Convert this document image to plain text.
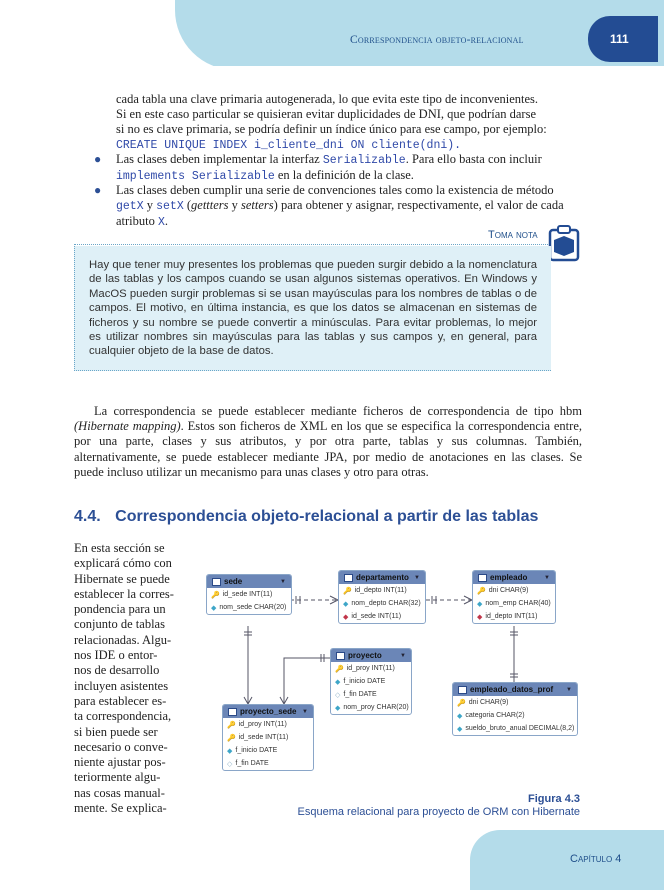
Correspondencia objeto-relacional	111
cada tabla una clave primaria autogenerada, lo que evita este tipo de inconvenientes.
Si en este caso particular se quisieran evitar duplicidades de DNI, que podrían darse
si no es clave primaria, se podría definir un índice único para ese campo, por ejemplo:
CREATE UNIQUE INDEX i_cliente_dni ON cliente(dni).
● Las clases deben implementar la interfaz Serializable. Para ello basta con incluir
implements Serializable en la definición de la clase.
● Las clases deben cumplir una serie de convenciones tales como la existencia de método
getX y setX (gettters y setters) para obtener y asignar, respectivamente, el valor de cada
atributo X.
Toma nota

Hay que tener muy presentes los problemas que pueden surgir debido a la nomenclatura de las tablas y los campos cuando se usan algunos sistemas operativos. En Windows y MacOS pueden surgir problemas si se usan mayúsculas para los nombres de tablas o de campos. El motivo, en última instancia, es que los datos se almacenan en sistemas de ficheros y su nombre se puede convertir a minúsculas. Para evitar problemas, lo mejor es utilizar nombres sin mayúsculas para las tablas y sus campos y, en general, para cualquier objeto de la base de datos.

La correspondencia se puede establecer mediante ficheros de correspondencia de tipo hbm (Hibernate mapping). Estos son ficheros de XML en los que se especifica la correspondencia entre, por una parte, clases y sus atributos, y por otra parte, tablas y sus columnas. También, alternativamente, se puede establecer mediante JPA, por medio de anotaciones en las clases. Se puede incluso utilizar un mecanismo para unas clases y otro para otras.
4.4. Correspondencia objeto-relacional a partir de las tablas
En esta sección se
explicará cómo con
Hibernate se puede
establecer la corres-
pondencia para un
conjunto de tablas
relacionadas. Algu-
nos IDE o entor-
nos de desarrollo
incluyen asistentes
para establecer es-
ta correspondencia,
si bien puede ser
necesario o conve-
niente ajustar pos-
teriormente algu-
nas cosas manual-
mente. Se explica-
sede	▼
🔑 id_sede INT(11)
◆ nom_sede CHAR(20)
departamento ▼
🔑 id_depto INT(11)
◆ nom_depto CHAR(32)
◆ id_sede INT(11)
empleado	▼
🔑 dni CHAR(9)
◆ nom_emp CHAR(40)
◆ id_depto INT(11)
proyecto	▼
🔑 id_proy INT(11)
◆ f_inicio DATE
◇ f_fin DATE
◆ nom_proy CHAR(20)
proyecto_sede ▼
🔑 id_proy INT(11)
🔑 id_sede INT(11)
◆ f_inicio DATE
◇ f_fin DATE
empleado_datos_prof ▼
🔑 dni CHAR(9)
◆ categoria CHAR(2)
◆ sueldo_bruto_anual DECIMAL(8,2)
Figura 4.3
Esquema relacional para proyecto de ORM con Hibernate
Capítulo 4
